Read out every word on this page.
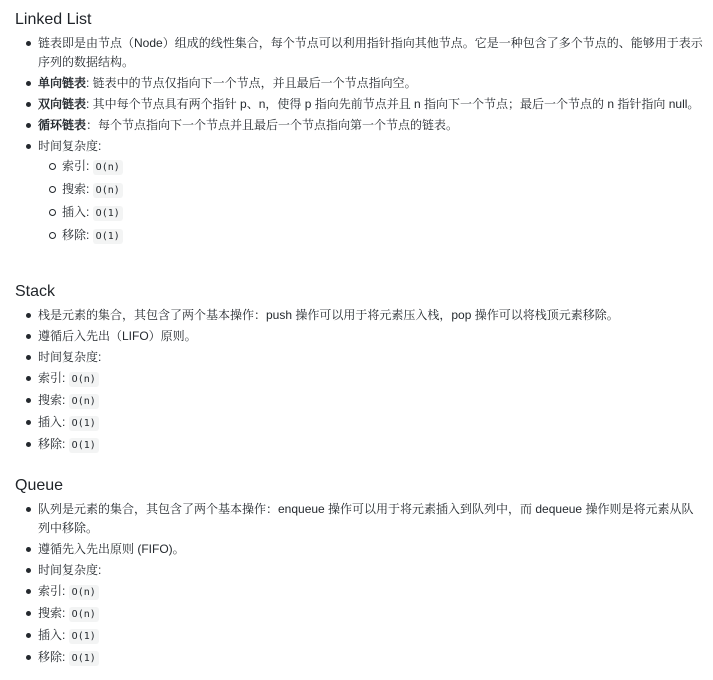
Linked List
链表即是由节点（Node）组成的线性集合，每个节点可以利用指针指向其他节点。它是一种包含了多个节点的、能够用于表示序列的数据结构。
单向链表: 链表中的节点仅指向下一个节点，并且最后一个节点指向空。
双向链表: 其中每个节点具有两个指针 p、n，使得 p 指向先前节点并且 n 指向下一个节点；最后一个节点的 n 指针指向 null。
循环链表：每个节点指向下一个节点并且最后一个节点指向第一个节点的链表。
时间复杂度:
索引: O(n)
搜索: O(n)
插入: O(1)
移除: O(1)
Stack
栈是元素的集合，其包含了两个基本操作：push 操作可以用于将元素压入栈，pop 操作可以将栈顶元素移除。
遵循后入先出（LIFO）原则。
时间复杂度:
索引: O(n)
搜索: O(n)
插入: O(1)
移除: O(1)
Queue
队列是元素的集合，其包含了两个基本操作：enqueue 操作可以用于将元素插入到队列中，而 dequeue 操作则是将元素从队列中移除。
遵循先入先出原则 (FIFO)。
时间复杂度:
索引: O(n)
搜索: O(n)
插入: O(1)
移除: O(1)
